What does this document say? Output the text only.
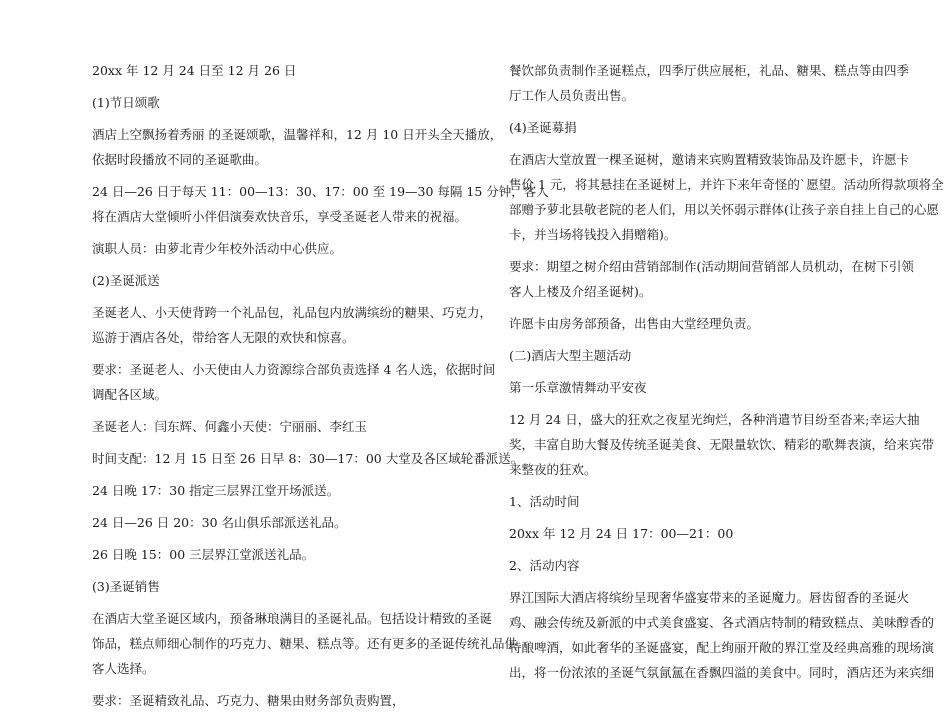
20xx 年 12 月 24 日至 12 月 26 日
(1)节日颂歌
酒店上空飘扬着秀丽 的圣诞颂歌，温馨祥和，12 月 10 日开头全天播放，
依据时段播放不同的圣诞歌曲。
24 日—26 日于每天 11：00—13：30、17：00 至 19—30 每隔 15 分钟，客人
将在酒店大堂倾听小伴侣演奏欢快音乐，享受圣诞老人带来的祝福。
演职人员：由萝北青少年校外活动中心供应。
(2)圣诞派送
圣诞老人、小天使背跨一个礼品包，礼品包内放满缤纷的糖果、巧克力，
巡游于酒店各处，带给客人无限的欢快和惊喜。
要求：圣诞老人、小天使由人力资源综合部负责选择 4 名人选，依据时间
调配各区域。
圣诞老人：闫东辉、何鑫小天使：宁丽丽、李红玉
时间支配：12 月 15 日至 26 日早 8：30—17：00 大堂及各区域轮番派送。
24 日晚 17：30 指定三层界江堂开场派送。
24 日—26 日 20：30 名山俱乐部派送礼品。
26 日晚 15：00 三层界江堂派送礼品。
(3)圣诞销售
在酒店大堂圣诞区域内，预备琳琅满目的圣诞礼品。包括设计精致的圣诞
饰品，糕点师细心制作的巧克力、糖果、糕点等。还有更多的圣诞传统礼品供
客人选择。
要求：圣诞精致礼品、巧克力、糖果由财务部负责购置，
餐饮部负责制作圣诞糕点，四季厅供应展柜，礼品、糖果、糕点等由四季
厅工作人员负责出售。
(4)圣诞募捐
在酒店大堂放置一棵圣诞树，邀请来宾购置精致装饰品及许愿卡，许愿卡
售价 1 元，将其悬挂在圣诞树上，并许下来年奇怪的`愿望。活动所得款项将全
部赠予萝北县敬老院的老人们，用以关怀弱示群体(让孩子亲自挂上自己的心愿
卡，并当场将钱投入捐赠箱)。
要求：期望之树介绍由营销部制作(活动期间营销部人员机动，在树下引领
客人上楼及介绍圣诞树)。
许愿卡由房务部预备，出售由大堂经理负责。
(二)酒店大型主题活动
第一乐章激情舞动平安夜
12 月 24 日，盛大的狂欢之夜星光绚烂，各种消遣节目纷至沓来;幸运大抽
奖，丰富自助大餐及传统圣诞美食、无限量软饮、精彩的歌舞表演，给来宾带
来整夜的狂欢。
1、活动时间
20xx 年 12 月 24 日 17：00—21：00
2、活动内容
界江国际大酒店将缤纷呈现奢华盛宴带来的圣诞魔力。唇齿留香的圣诞火
鸡、融会传统及新派的中式美食盛宴、各式酒店特制的精致糕点、美味醇香的
特酿啤酒，如此奢华的圣诞盛宴，配上绚丽开敞的界江堂及经典高雅的现场演
出，将一份浓浓的圣诞气氛氤氲在香飘四溢的美食中。同时，酒店还为来宾细
